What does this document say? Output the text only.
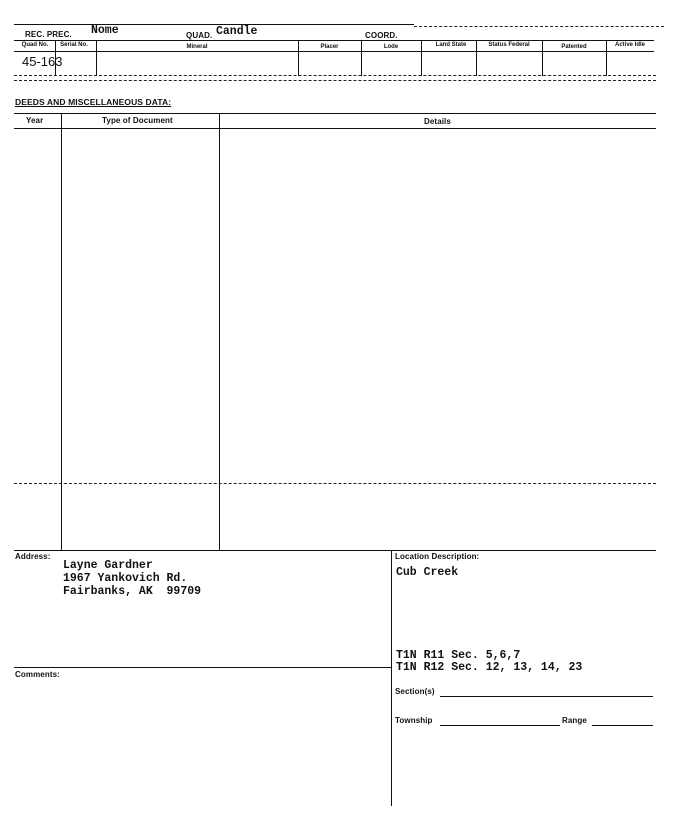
REC. PREC. Nome	QUAD. Candle	COORD.
Quad No. Serial No.	Mineral	Placer	Lode	Land State	Status Federal	Patented	Active Idle
45-163
DEEDS AND MISCELLANEOUS DATA:
Year	Type of Document	Details
Address:
Layne Gardner
1967 Yankovich Rd.
Fairbanks, AK  99709
Comments:
Location Description:
Cub Creek
T1N R11 Sec. 5,6,7
T1N R12 Sec. 12, 13, 14, 23
Section(s)
Township	Range
